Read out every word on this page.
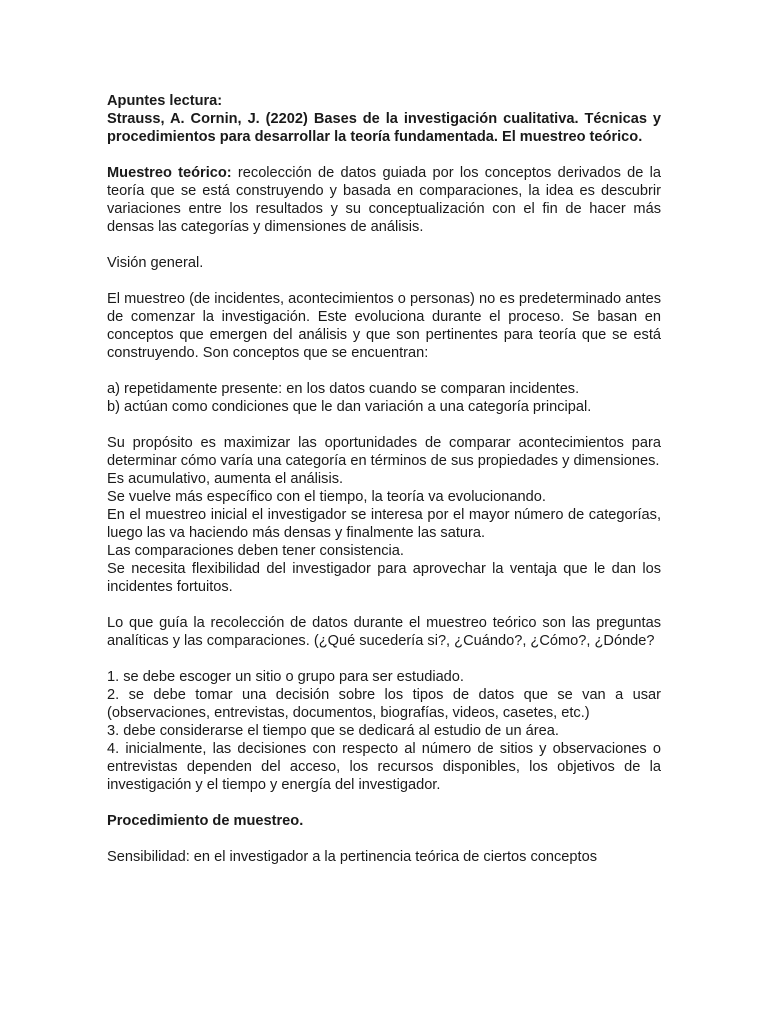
Apuntes lectura:

Strauss, A. Cornin, J. (2202) Bases de la investigación cualitativa. Técnicas y procedimientos para desarrollar la teoría fundamentada. El muestreo teórico.

Muestreo teórico: recolección de datos guiada por los conceptos derivados de la teoría que se está construyendo y basada en comparaciones, la idea es descubrir variaciones entre los resultados y su conceptualización con el fin de hacer más densas las categorías y dimensiones de análisis.

Visión general.

El muestreo (de incidentes, acontecimientos o personas) no es predeterminado antes de comenzar la investigación. Este evoluciona durante el proceso. Se basan en conceptos que emergen del análisis y que son pertinentes para teoría que se está construyendo. Son conceptos que se encuentran:

a) repetidamente presente: en los datos cuando se comparan incidentes.

b) actúan como condiciones que le dan variación a una categoría principal.

Su propósito es maximizar las oportunidades de comparar acontecimientos para determinar cómo varía una categoría en términos de sus propiedades y dimensiones.

Es acumulativo, aumenta el análisis.

Se vuelve más específico con el tiempo, la teoría va evolucionando.

En el muestreo inicial el investigador se interesa por el mayor número de categorías, luego las va haciendo más densas y finalmente las satura.

Las comparaciones deben tener consistencia.

Se necesita flexibilidad del investigador para aprovechar la ventaja que le dan los incidentes fortuitos.

Lo que guía la recolección de datos durante el muestreo teórico son las preguntas analíticas y las comparaciones. (¿Qué sucedería si?, ¿Cuándo?, ¿Cómo?, ¿Dónde?

1. se debe escoger un sitio o grupo para ser estudiado.

2. se debe tomar una decisión sobre los tipos de datos que se van a usar (observaciones, entrevistas, documentos, biografías, videos, casetes, etc.)

3. debe considerarse el tiempo que se dedicará al estudio de un área.

4. inicialmente, las decisiones con respecto al número de sitios y observaciones o entrevistas dependen del acceso, los recursos disponibles, los objetivos de la investigación y el tiempo y energía del investigador.

Procedimiento de muestreo.

Sensibilidad: en el investigador a la pertinencia teórica de ciertos conceptos
